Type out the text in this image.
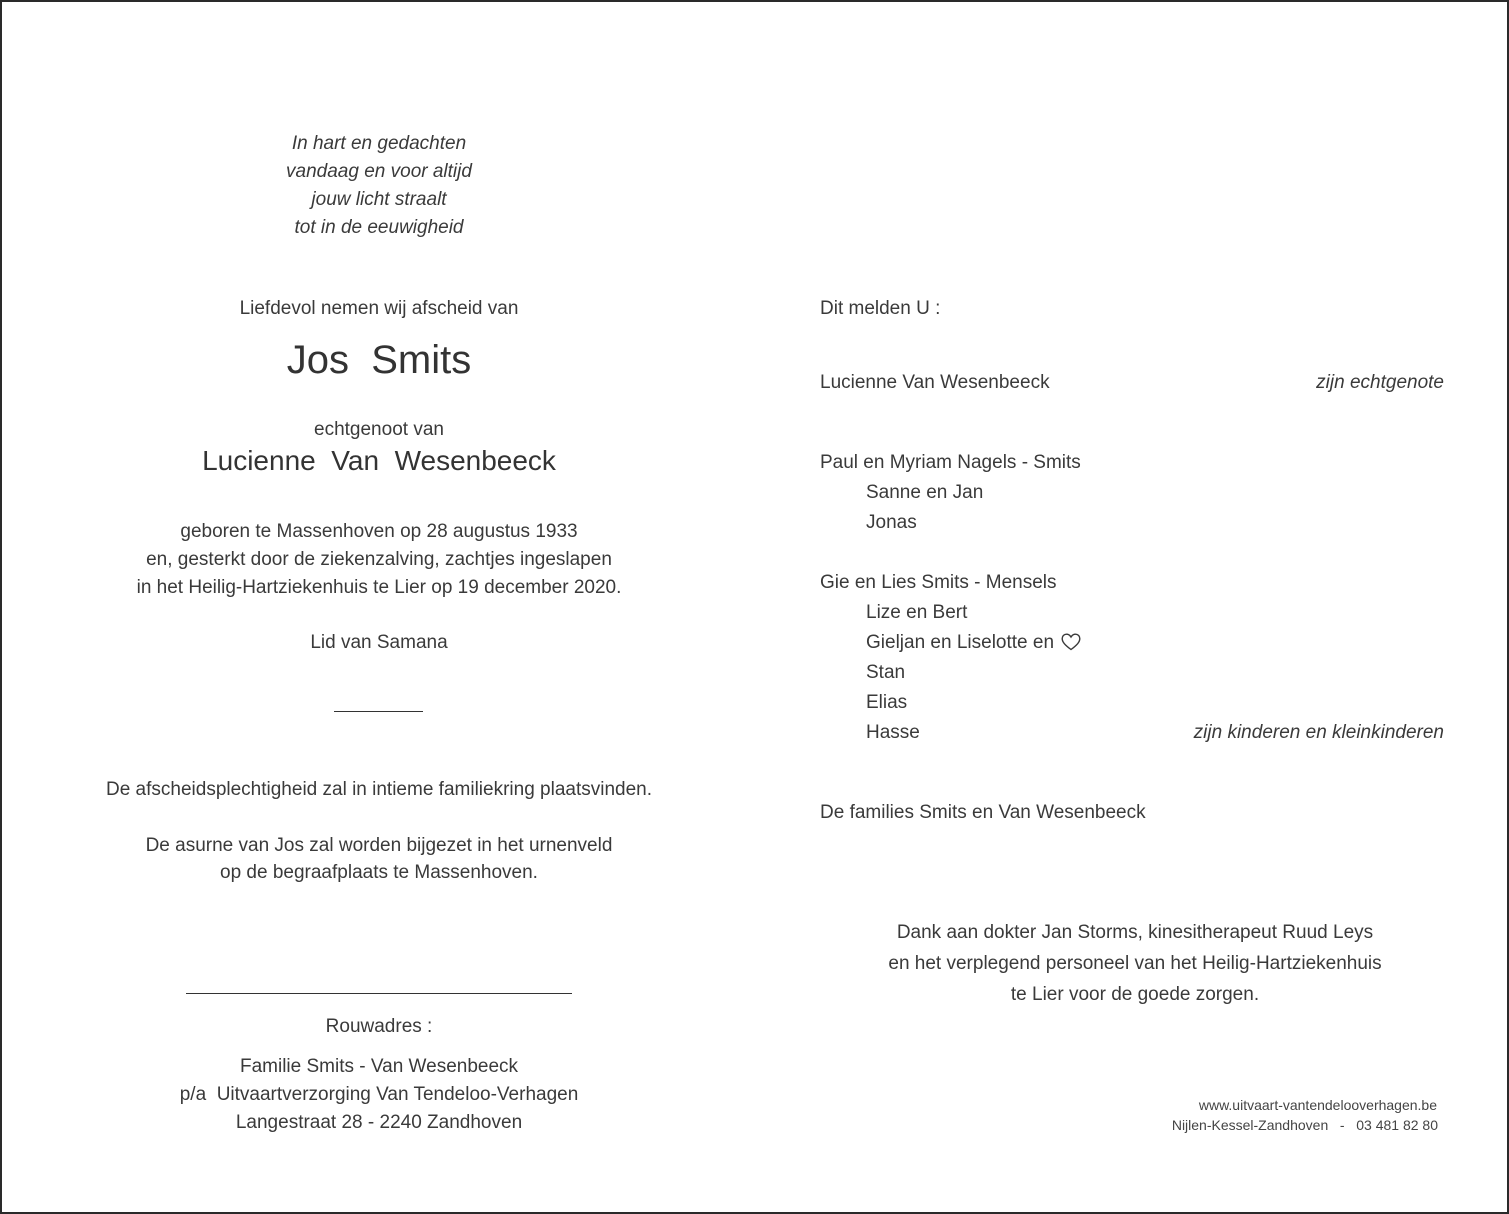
In hart en gedachten
vandaag en voor altijd
jouw licht straalt
tot in de eeuwigheid
Liefdevol nemen wij afscheid van
Jos  Smits
echtgenoot van
Lucienne  Van  Wesenbeeck
geboren te Massenhoven op 28 augustus 1933
en, gesterkt door de ziekenzalving, zachtjes ingeslapen
in het Heilig-Hartziekenhuis te Lier op 19 december 2020.
Lid van Samana
De afscheidsplechtigheid zal in intieme familiekring plaatsvinden.
De asurne van Jos zal worden bijgezet in het urnenveld
op de begraafplaats te Massenhoven.
Rouwadres :
Familie Smits - Van Wesenbeeck
p/a  Uitvaartverzorging Van Tendeloo-Verhagen
Langestraat 28 - 2240 Zandhoven
Dit melden U :
Lucienne Van Wesenbeeck	zijn echtgenote
Paul en Myriam Nagels - Smits
Sanne en Jan
Jonas
Gie en Lies Smits - Mensels
Lize en Bert
Gieljan en Liselotte en
Stan
Elias
Hasse	zijn kinderen en kleinkinderen
De families Smits en Van Wesenbeeck
Dank aan dokter Jan Storms, kinesitherapeut Ruud Leys
en het verplegend personeel van het Heilig-Hartziekenhuis
te Lier voor de goede zorgen.
www.uitvaart-vantendelooverhagen.be
Nijlen-Kessel-Zandhoven   -   03 481 82 80
